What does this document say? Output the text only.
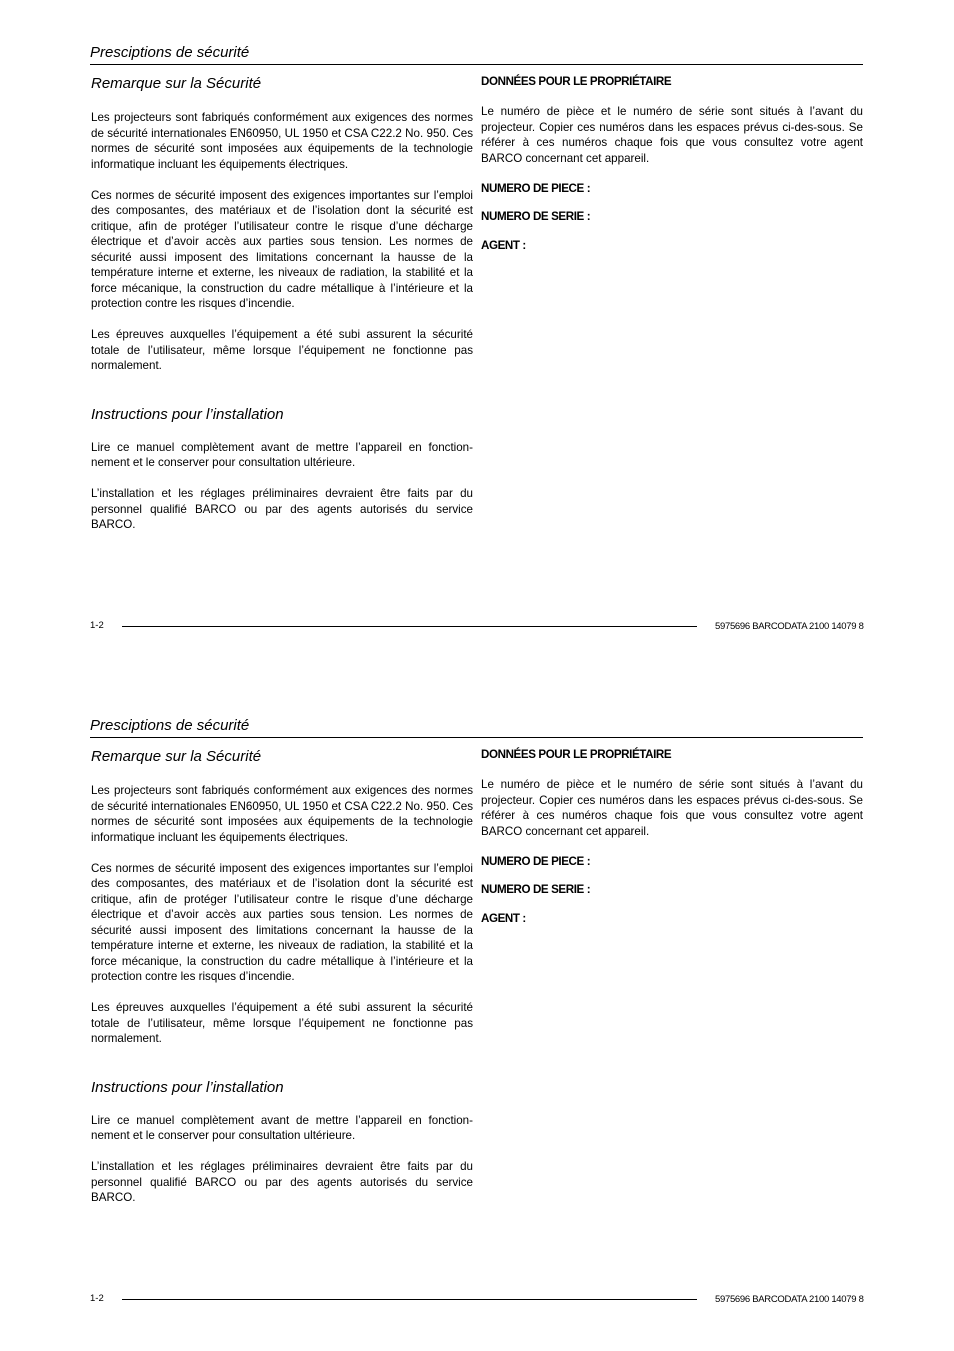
Presciptions de sécurité
Remarque sur la Sécurité

Les projecteurs sont fabriqués conformément aux exigences des normes de sécurité internationales EN60950, UL 1950 et CSA C22.2 No. 950. Ces normes de sécurité sont imposées aux équipements de la technologie informatique incluant les équipements électriques.

Ces normes de sécurité imposent des exigences importantes sur l’emploi des composantes, des matériaux et de l’isolation dont la sécurité est critique, afin de protéger l’utilisateur contre le risque d’une décharge électrique et d’avoir accès aux parties sous tension. Les normes de sécurité aussi imposent des limitations concernant la hausse de la température interne et externe, les niveaux de radiation, la stabilité et la force mécanique, la construction du cadre métallique à l’intérieure et la protection contre les risques d’incendie.

Les épreuves auxquelles l’équipement a été subi assurent la sécurité totale de l’utilisateur, même lorsque l’équipement ne fonctionne pas normalement.

Instructions pour l’installation

Lire ce manuel complètement avant de mettre l’appareil en fonction-nement et le conserver pour consultation ultérieure.

L’installation et les réglages préliminaires devraient être faits par du personnel qualifié BARCO ou par des agents autorisés du service BARCO.

DONNÉES POUR LE PROPRIÉTAIRE

Le numéro de pièce et le numéro de série sont situés à l’avant du projecteur. Copier ces numéros dans les espaces prévus ci-des-sous. Se référer à ces numéros chaque fois que vous consultez votre agent BARCO concernant cet appareil.

NUMERO DE PIECE :
NUMERO DE SERIE :
AGENT :
1-2	5975696 BARCODATA 2100 14079 8
Presciptions de sécurité
Remarque sur la Sécurité

Les projecteurs sont fabriqués conformément aux exigences des normes de sécurité internationales EN60950, UL 1950 et CSA C22.2 No. 950. Ces normes de sécurité sont imposées aux équipements de la technologie informatique incluant les équipements électriques.

Ces normes de sécurité imposent des exigences importantes sur l’emploi des composantes, des matériaux et de l’isolation dont la sécurité est critique, afin de protéger l’utilisateur contre le risque d’une décharge électrique et d’avoir accès aux parties sous tension. Les normes de sécurité aussi imposent des limitations concernant la hausse de la température interne et externe, les niveaux de radiation, la stabilité et la force mécanique, la construction du cadre métallique à l’intérieure et la protection contre les risques d’incendie.

Les épreuves auxquelles l’équipement a été subi assurent la sécurité totale de l’utilisateur, même lorsque l’équipement ne fonctionne pas normalement.

Instructions pour l’installation

Lire ce manuel complètement avant de mettre l’appareil en fonction-nement et le conserver pour consultation ultérieure.

L’installation et les réglages préliminaires devraient être faits par du personnel qualifié BARCO ou par des agents autorisés du service BARCO.

DONNÉES POUR LE PROPRIÉTAIRE

Le numéro de pièce et le numéro de série sont situés à l’avant du projecteur. Copier ces numéros dans les espaces prévus ci-des-sous. Se référer à ces numéros chaque fois que vous consultez votre agent BARCO concernant cet appareil.

NUMERO DE PIECE :
NUMERO DE SERIE :
AGENT :
1-2	5975696 BARCODATA 2100 14079 8
